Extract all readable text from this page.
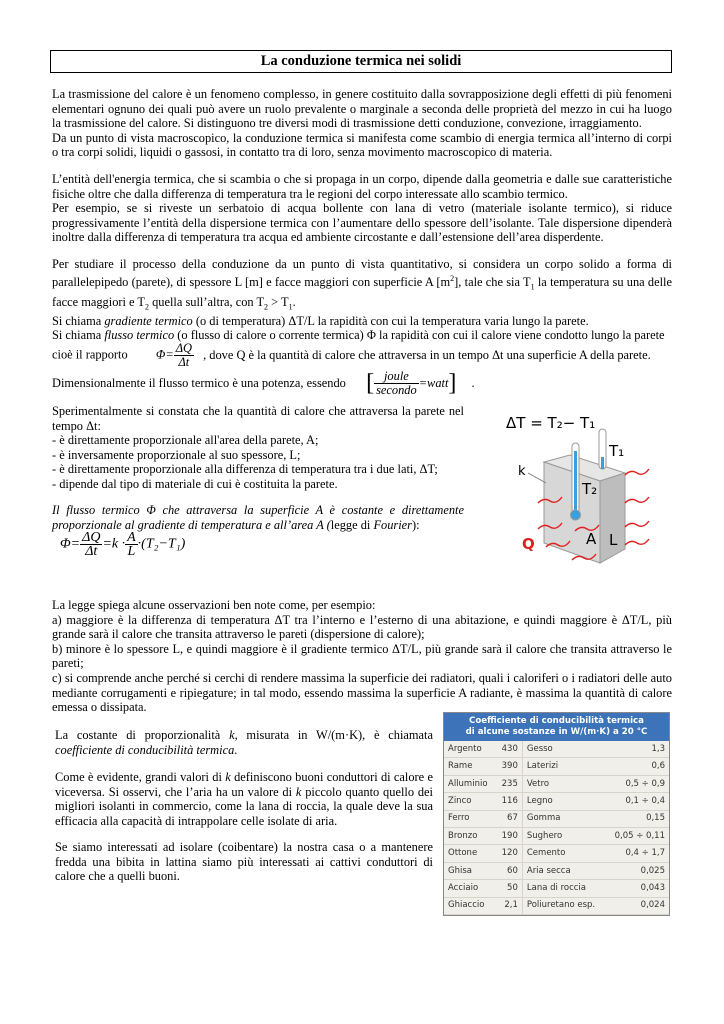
La conduzione termica nei solidi

La trasmissione del calore è un fenomeno complesso, in genere costituito dalla sovrapposizione degli effetti di più fenomeni elementari ognuno dei quali può avere un ruolo prevalente o marginale a seconda delle proprietà del mezzo in cui ha luogo la trasmissione del calore. Si distinguono tre diversi modi di trasmissione detti conduzione, convezione, irraggiamento.
Da un punto di vista macroscopico, la conduzione termica si manifesta come scambio di energia termica all’interno di corpi o tra corpi solidi, liquidi o gassosi, in contatto tra di loro, senza movimento macroscopico di materia.

L’entità dell'energia termica, che si scambia o che si propaga in un corpo, dipende dalla geometria e dalle sue caratteristiche fisiche oltre che dalla differenza di temperatura tra le regioni del corpo interessate allo scambio termico.
Per esempio, se si riveste un serbatoio di acqua bollente con lana di vetro (materiale isolante termico), si riduce progressivamente l’entità della dispersione termica con l’aumentare dello spessore dell’isolante. Tale dispersione dipenderà inoltre dalla differenza di temperatura tra acqua ed ambiente circostante e dall’estensione dell’area disperdente.

Per studiare il processo della conduzione da un punto di vista quantitativo, si considera un corpo solido a forma di parallelepipedo (parete), di spessore L [m] e facce maggiori con superficie A $[m^2]$, tale che sia $T_1$ la temperatura su una delle facce maggiori e $T_2$ quella sull’altra, con $T_2 > T_1$.

Si chiama gradiente termico (o di temperatura) ΔT/L la rapidità con cui la temperatura varia lungo la parete.

Si chiama flusso termico (o flusso di calore o corrente termica) Φ la rapidità con cui il calore viene condotto lungo la parete

cioè il rapporto $\Phi= \frac{\Delta Q}{\Delta t}$ , dove Q è la quantità di calore che attraversa in un tempo Δt una superficie A della parete.
Dimensionalmente il flusso termico è una potenza, essendo [ $\frac{\text{joule}}{\text{secondo}}$ =watt] .
Sperimentalmente si constata che la quantità di calore che attraversa la parete nel tempo Δt:
- è direttamente proporzionale all'area della parete, A;
- è inversamente proporzionale al suo spessore, L;
- è direttamente proporzionale alla differenza di temperatura tra i due lati, ΔT;
- dipende dal tipo di materiale di cui è costituita la parete.
Il flusso termico Φ che attraversa la superficie A è costante e direttamente proporzionale al gradiente di temperatura e all’area A (legge di Fourier):
$\Phi= \frac{\Delta Q}{\Delta t} =k \cdot \frac{A}{L} \cdot(T_2-T_1)$
ΔT = T₂− T₁
T₁
T₂
k
A L
Q
La legge spiega alcune osservazioni ben note come, per esempio:
a) maggiore è la differenza di temperatura ΔT tra l’interno e l’esterno di una abitazione, e quindi maggiore è ΔT/L, più grande sarà il calore che transita attraverso le pareti (dispersione di calore);
b) minore è lo spessore L, e quindi maggiore è il gradiente termico ΔT/L, più grande sarà il calore che transita attraverso le pareti;
c) si comprende anche perché si cerchi di rendere massima la superficie dei radiatori, quali i caloriferi o i radiatori delle auto mediante corrugamenti e ripiegature; in tal modo, essendo massima la superficie A radiante, è massima la quantità di calore emessa o dissipata.
La costante di proporzionalità k, misurata in W/(m·K), è chiamata coefficiente di conducibilità termica.
Come è evidente, grandi valori di k definiscono buoni conduttori di calore e viceversa. Si osservi, che l’aria ha un valore di k piccolo quanto quello dei migliori isolanti in commercio, come la lana di roccia, la quale deve la sua efficacia alla capacità di intrappolare celle isolate di aria.
Se siamo interessati ad isolare (coibentare) la nostra casa o a mantenere fredda una bibita in lattina siamo più interessati ai cattivi conduttori di calore che a quelli buoni.
Coefficiente di conducibilità termica
di alcune sostanze in W/(m·K) a 20 °C
Argento	430	Gesso	1,3
Rame	390	Laterizi	0,6
Alluminio	235	Vetro	0,5 ÷ 0,9
Zinco	116	Legno	0,1 ÷ 0,4
Ferro	67	Gomma	0,15
Bronzo	190	Sughero	0,05 ÷ 0,11
Ottone	120	Cemento	0,4 ÷ 1,7
Ghisa	60	Aria secca	0,025
Acciaio	50	Lana di roccia	0,043
Ghiaccio	2,1	Poliuretano esp.	0,024
